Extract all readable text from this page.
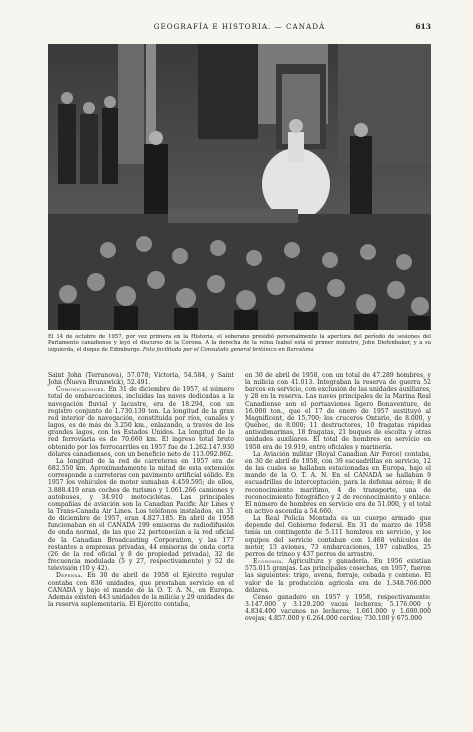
GEOGRAFÍA E HISTORIA. — CANADÁ	613
El 14 de octubre de 1957, por vez primera en la Historia, el soberano presidió personalmente la apertura del período de sesiones del Parlamento canadiense y leyó el discurso de la Corona. A la derecha de la reina Isabel está el primer ministro, John Diefenbaker, y a su izquierda, el duque de Edimburgo. Foto facilitada por el Consulado general británico en Barcelona

Saint John (Terranova), 57.078; Victoria, 54.584, y Saint John (Nueva Brunswick), 52.491.

Comunicaciones. En 31 de diciembre de 1957, el número total de embarcaciones, incluidas las naves dedicadas a la navegación fluvial y lacustre, era de 18.294, con un registro conjunto de 1.730.139 ton. La longitud de la gran red interior de navegación, constituida por ríos, canales y lagos, es de más de 3.250 km., enlazando, a través de los grandes lagos, con los Estados Unidos. La longitud de la red ferroviaria es de 70.660 km. El ingreso total bruto obtenido por los ferrocarriles en 1957 fue de 1.262.147.930 dólares canadienses, con un beneficio neto de 113.092.862.

La longitud de la red de carreteras en 1957 era de 682.550 km. Aproximadamente la mitad de esta extensión corresponde a carreteras con pavimento artificial sólido. En 1957 los vehículos de motor sumaban 4.459.595; de ellos, 3.888.419 eran coches de turismo y 1.061.266 camiones y autobuses, y 34.910 motocicletas. Las principales compañías de aviación son la Canadian Pacific Air Lines y la Trans-Canada Air Lines. Los teléfonos instalados, en 31 de diciembre de 1957, eran 4.827.185. En abril de 1958 funcionaban en el CANADÁ 199 emisoras de radiodifusión de onda normal, de las que 22 pertenecían a la red oficial de la Canadian Broadcasting Corporation, y las 177 restantes a empresas privadas, 44 emisoras de onda corta (26 de la red oficial y 8 de propiedad privada), 32 de frecuencia modulada (5 y 27, respectivamente) y 52 de televisión (10 y 42).

Defensa. En 30 de abril de 1958 el Ejército regular contaba con 836 unidades, que prestaban servicio en el CANADÁ y bajo el mando de la O. T. A. N., en Europa. Además existen 443 unidades de la milicia y 29 unidades de la reserva suplementaria. El Ejército contaba,

en 30 de abril de 1958, con un total de 47.289 hombres, y la milicia con 41.013. Integraban la reserva de guerra 52 barcos en servicio, con exclusión de las unidades auxiliares, y 28 en la reserva. Las naves principales de la Marina Real Canadiense son el portaaviones ligero Bonaventure, de 16.000 ton., que el 17 de enero de 1957 sustituyó al Magnificent, de 15.700; los cruceros Ontario, de 8.000, y Quebec, de 8.000; 11 destructores, 10 fragatas rápidas antisubmarinas, 18 fragatas, 21 buques de escolta y otras unidades auxiliares. El total de hombres en servicio en 1958 era de 19.919, entre oficiales y marinería.

La Aviación militar (Royal Canadian Air Force) contaba, en 30 de abril de 1958, con 39 escuadrillas en servicio, 12 de las cuales se hallaban estacionadas en Europa, bajo el mando de la O. T. A. N. En el CANADÁ se hallaban 9 escuadrillas de interceptación, para la defensa aérea; 8 de reconocimiento marítimo, 4 de transporte, una de reconocimiento fotográfico y 2 de reconocimiento y enlace. El número de hombres en servicio era de 51.000, y el total en activo ascendía a 54.660.

La Real Policía Montada es un cuerpo armado que depende del Gobierno federal. En 31 de marzo de 1958 tenía un contingente de 5.111 hombres en servicio, y los equipos del servicio contaban con 1.468 vehículos de motor, 13 aviones, 73 embarcaciones, 197 caballos, 25 perros de trineo y 437 perros de arrastre.

Economía. Agricultura y ganadería. En 1956 existían 575.015 granjas. Las principales cosechas, en 1957, fueron las siguientes: trigo, avena, forraje, cebada y centeno. El valor de la producción agrícola era de 1.348.766.000 dólares.

Censo ganadero en 1957 y 1958, respectivamente: 3.147.000 y 3.129.200 vacas lecheras; 5.176.000 y 4.834.400 vacunos no lecheros; 1.661.000 y 1.690.000 ovejas; 4.857.000 y 6.264.000 cerdos; 730.100 y 675.000
